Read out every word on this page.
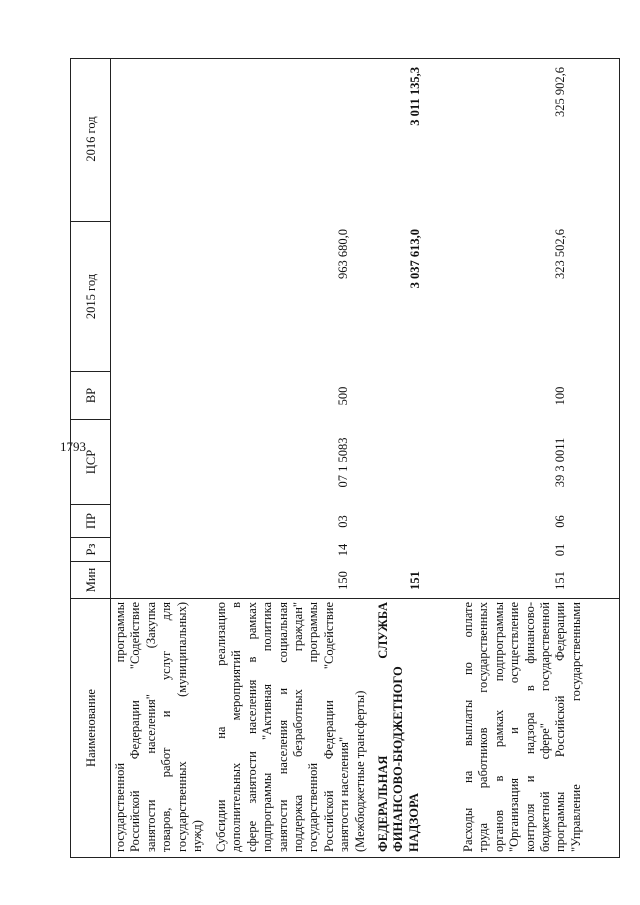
1793
Наименование
Мин
Рз
ПР
ЦСР
ВР
2015 год
2016 год

государственной программы Российской Федерации "Содействие занятости населения" (Закупка товаров, работ и услуг для государственных (муниципальных) нужд) Субсидии на реализацию дополнительных мероприятий в сфере занятости населения в рамках подпрограммы "Активная политика занятости населения и социальная поддержка безработных граждан" государственной программы Российской Федерации "Содействие занятости населения" (Межбюджетные трансферты)

150
14
03
07 1 5083
500
963 680,0

ФЕДЕРАЛЬНАЯ СЛУЖБА ФИНАНСОВО-БЮДЖЕТНОГО НАДЗОРА

151
3 037 613,0
3 011 135,3

Расходы на выплаты по оплате труда работников государственных органов в рамках подпрограммы "Организация и осуществление контроля и надзора в финансово- бюджетной сфере" государственной программы Российской Федерации "Управление государственными

151
01
06
39 3 0011
100
323 502,6
325 902,6
